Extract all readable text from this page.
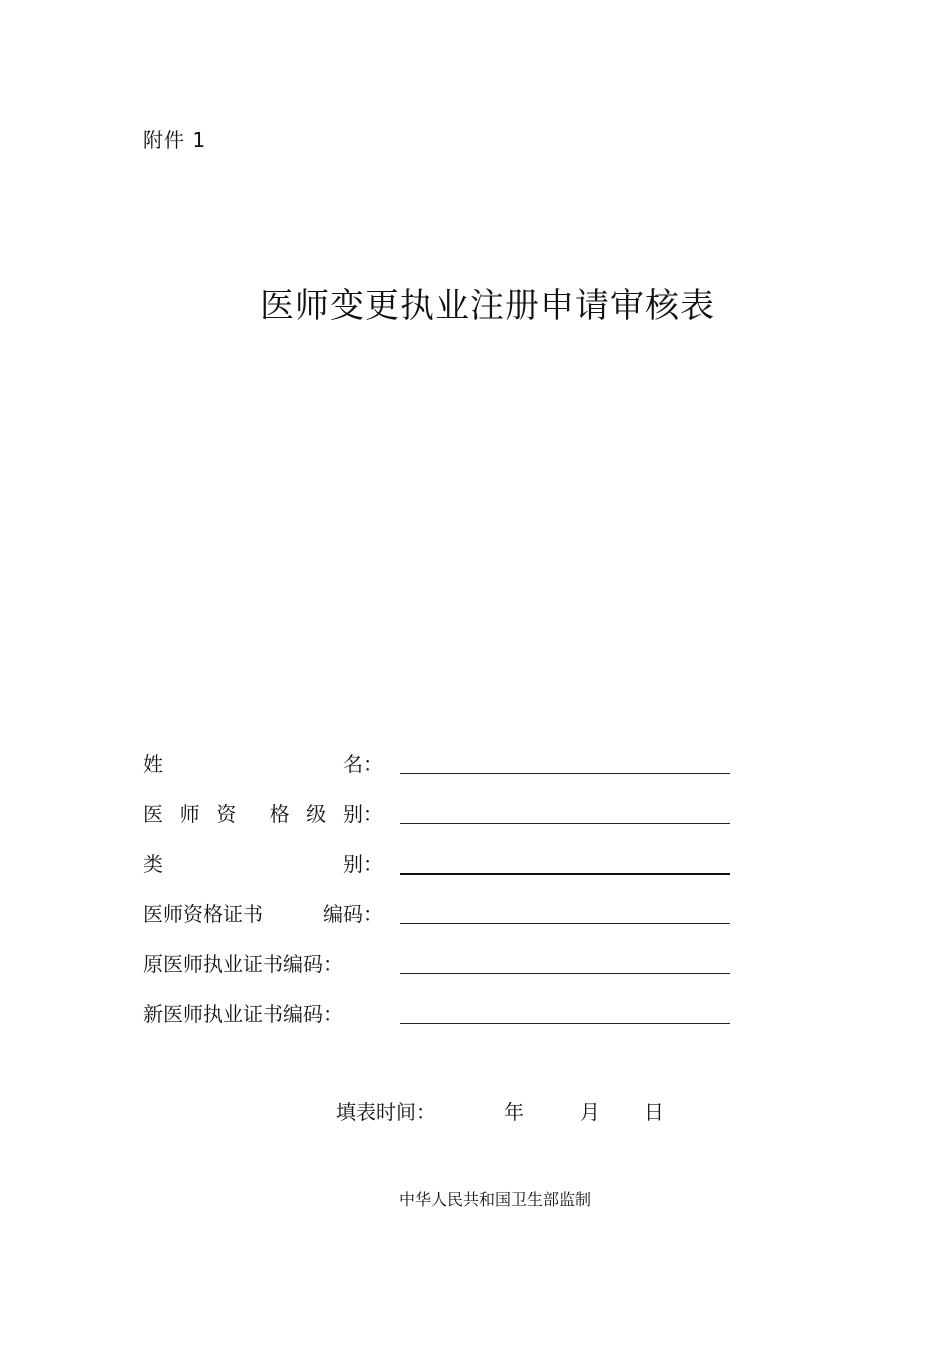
附件 1
医师变更执业注册申请审核表
姓	名：
医 师 资 格 级 别：
类	别：
医师资格证书	编码：
原医师执业证书编码：
新医师执业证书编码：
填表时间：	年	月 日
中华人民共和国卫生部监制
